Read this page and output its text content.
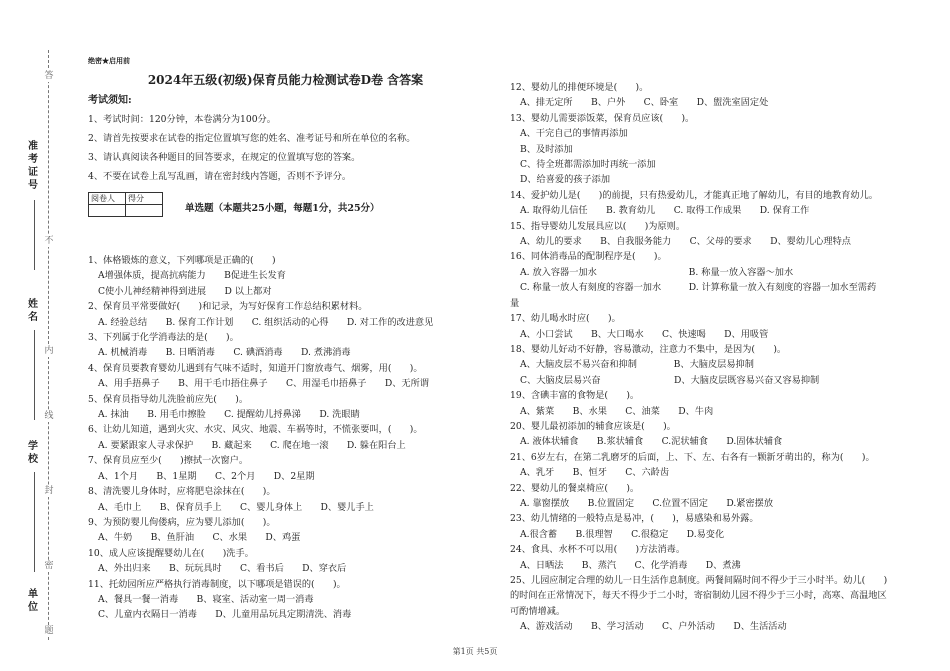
准考证号
姓名
学校
单位
答
不
内
线
封
密
题
绝密★启用前
2024年五级(初级)保育员能力检测试卷D卷 含答案
考试须知:
1、考试时间：120分钟，本卷满分为100分。
2、请首先按要求在试卷的指定位置填写您的姓名、准考证号和所在单位的名称。
3、请认真阅读各种题目的回答要求，在规定的位置填写您的答案。
4、不要在试卷上乱写乱画，请在密封线内答题，否则不予评分。
阅卷人	得分

单选题（本题共25小题，每题1分，共25分）
1、体格锻炼的意义，下列哪项是正确的(　　)
A增强体质，提高抗病能力　　B促进生长发育
C使小儿神经精神得到进展　　D 以上都对
2、保育员平常要做好(　　)和记录，为写好保育工作总结积累材料。
A. 经验总结　　B. 保育工作计划　　C. 组织活动的心得　　D. 对工作的改进意见
3、下列属于化学消毒法的是(　　)。
A. 机械消毒　　B. 日晒消毒　　C. 碘酒消毒　　D. 煮沸消毒
4、保育员要教育婴幼儿遇到有气味不适时，知道开门窗放毒气、烟雾，用(　　)。
A、用手捂鼻子　　B、用干毛巾捂住鼻子　　C、用湿毛巾捂鼻子　　D、无所谓
5、保育员指导幼儿洗脸前应先(　　)。
A. 抹油　　B. 用毛巾擦脸　　C. 提醒幼儿捋鼻涕　　D. 洗眼睛
6、让幼儿知道，遇到火灾、水灾、风灾、地震、车祸等时，不慌张要叫，(　　)。
A. 要紧跟家人寻求保护　　B. 藏起来　　C. 爬在地一滚　　D. 躲在阳台上
7、保育员应至少(　　)擦拭一次窗户。
A、1个月　　B、1星期　　C、2个月　　D、2星期
8、清洗婴儿身体时，应将肥皂涂抹在(　　)。
A、毛巾上　　B、保育员手上　　C、婴儿身体上　　D、婴儿手上
9、为预防婴儿佝偻病，应为婴儿添加(　　)。
A、牛奶　　B、鱼肝油　　C、水果　　D、鸡蛋
10、成人应该提醒婴幼儿在(　　)洗手。
A、外出归来　　B、玩玩具时　　C、看书后　　D、穿衣后
11、托幼园所应严格执行消毒制度，以下哪项是错误的(　　)。
A、餐具一餐一消毒　　B、寝室、活动室一周一消毒
C、儿童内衣隔日一消毒　　D、儿童用品玩具定期清洗、消毒
12、婴幼儿的排便环境是(　　)。
A、排无定所　　B、户外　　C、卧室　　D、盥洗室固定处
13、婴幼儿需要添饭菜，保育员应该(　　)。
A、干完自己的事情再添加
B、及时添加
C、待全班都需添加时再统一添加
D、给喜爱的孩子添加
14、爱护幼儿是(　　)的前提，只有热爱幼儿，才能真正地了解幼儿，有目的地教育幼儿。
A. 取得幼儿信任　　B. 教育幼儿　　C. 取得工作成果　　D. 保育工作
15、指导婴幼儿发展具应以(　　)为原则。
A、幼儿的要求　　B、自我服务能力　　C、父母的要求　　D、婴幼儿心理特点
16、同体消毒品的配制程序是(　　)。
A. 放入容器一加水　　　　　　　　　　B. 称量一放入容器～加水
C. 称量一放人有刻度的容器一加水　　　D. 计算称量一放入有刻度的容器一加水至需药
量
17、幼儿喝水时应(　　)。
A、小口尝试　　B、大口喝水　　C、快速喝　　D、用吸管
18、婴幼儿好动不好静，容易激动，注意力不集中，是因为(　　)。
A、大脑皮层不易兴奋和抑制　　　　B、大脑皮层易抑制
C、大脑皮层易兴奋　　　　　　　　D、大脑皮层既容易兴奋又容易抑制
19、含碘丰富的食物是(　　)。
A、紫菜　　B、水果　　C、油菜　　D、牛肉
20、婴儿最初添加的辅食应该是(　　)。
A. 液体状辅食　　B.浆状辅食　　C.泥状辅食　　D.固体状辅食
21、6岁左右，在第二乳磨牙的后面，上、下、左、右各有一颗新牙萌出的，称为(　　)。
A、乳牙　　B、恒牙　　C、六龄齿
22、婴幼儿的餐桌椅应(　　)。
A. 靠窗摆放　　B.位置固定　　C.位置不固定　　D.紧密摆放
23、幼儿情绪的一般特点是易冲，(　　)，易感染和易外露。
A.很含蓄　　B.很理智　　C.很稳定　　D.易变化
24、食具、水杯不可以用(　　)方法消毒。
A、日晒法　　B、蒸汽　　C、化学消毒　　D、煮沸
25、儿园应制定合理的幼儿一日生活作息制度。两餐间隔时间不得少于三小时半。幼儿(　　)
的时间在正常情况下，每天不得少于二小时，寄宿制幼儿园不得少于三小时，高寒、高温地区
可酌情增减。
A、游戏活动　　B、学习活动　　C、户外活动　　D、生活活动
第1页 共5页
